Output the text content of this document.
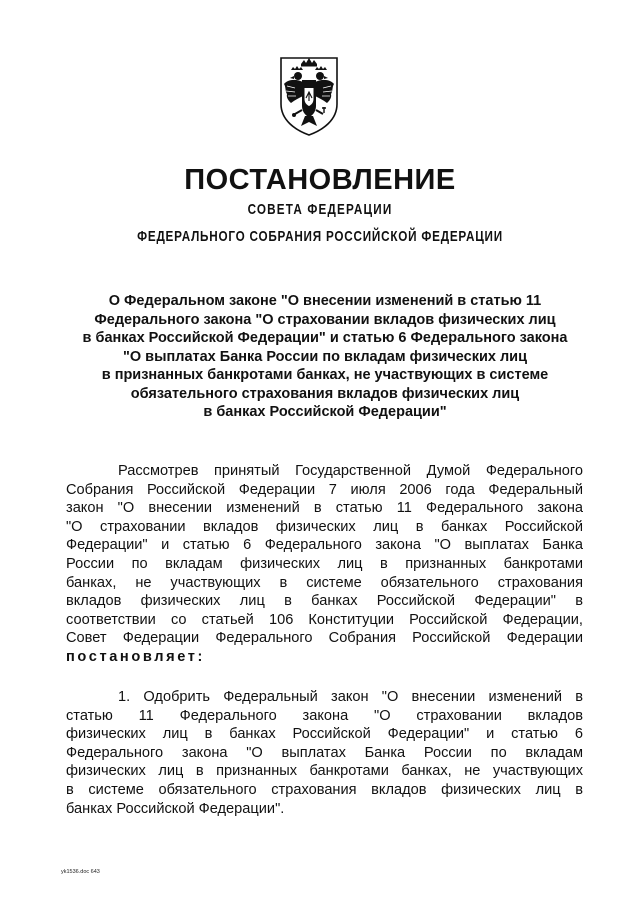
ПОСТАНОВЛЕНИЕ
СОВЕТА ФЕДЕРАЦИИ
ФЕДЕРАЛЬНОГО СОБРАНИЯ РОССИЙСКОЙ ФЕДЕРАЦИИ
О Федеральном законе "О внесении изменений в статью 11
Федерального закона "О страховании вкладов физических лиц
в банках Российской Федерации" и статью 6 Федерального закона
"О выплатах Банка России по вкладам физических лиц
в признанных банкротами банках, не участвующих в системе
обязательного страхования вкладов физических лиц
в банках Российской Федерации"
Рассмотрев принятый Государственной Думой Федерального
Собрания Российской Федерации 7 июля 2006 года Федеральный
закон "О внесении изменений в статью 11 Федерального закона
"О страховании вкладов физических лиц в банках Российской
Федерации" и статью 6 Федерального закона "О выплатах Банка
России по вкладам физических лиц в признанных банкротами
банках, не участвующих в системе обязательного страхования
вкладов физических лиц в банках Российской Федерации" в
соответствии со статьей 106 Конституции Российской Федерации,
Совет Федерации Федерального Собрания Российской Федерации
постановляет:
1. Одобрить Федеральный закон "О внесении изменений в
статью 11 Федерального закона "О страховании вкладов
физических лиц в банках Российской Федерации" и статью 6
Федерального закона "О выплатах Банка России по вкладам
физических лиц в признанных банкротами банках, не участвующих
в системе обязательного страхования вкладов физических лиц в
банках Российской Федерации".
yk1536.doc 643
